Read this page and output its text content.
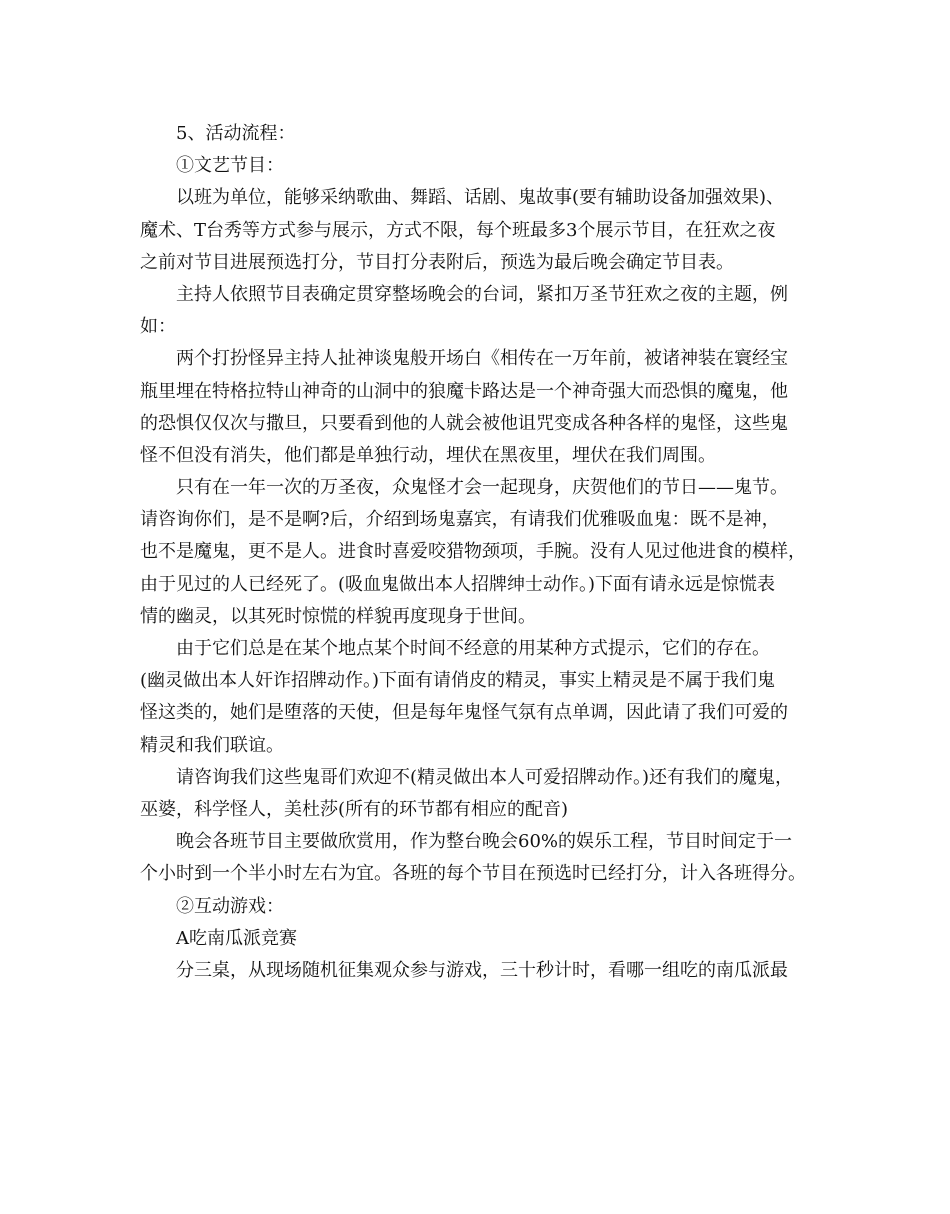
5、活动流程：
①文艺节目：
以班为单位，能够采纳歌曲、舞蹈、话剧、鬼故事(要有辅助设备加强效果)、
魔术、T台秀等方式参与展示，方式不限，每个班最多3个展示节目，在狂欢之夜
之前对节目进展预选打分，节目打分表附后，预选为最后晚会确定节目表。
主持人依照节目表确定贯穿整场晚会的台词，紧扣万圣节狂欢之夜的主题，例
如：
两个打扮怪异主持人扯神谈鬼般开场白《相传在一万年前，被诸神装在寰经宝
瓶里埋在特格拉特山神奇的山洞中的狼魔卡路达是一个神奇强大而恐惧的魔鬼，他
的恐惧仅仅次与撒旦，只要看到他的人就会被他诅咒变成各种各样的鬼怪，这些鬼
怪不但没有消失，他们都是单独行动，埋伏在黑夜里，埋伏在我们周围。
只有在一年一次的万圣夜，众鬼怪才会一起现身，庆贺他们的节日——鬼节。
请咨询你们，是不是啊?后，介绍到场鬼嘉宾，有请我们优雅吸血鬼：既不是神，
也不是魔鬼，更不是人。进食时喜爱咬猎物颈项，手腕。没有人见过他进食的模样，
由于见过的人已经死了。(吸血鬼做出本人招牌绅士动作。)下面有请永远是惊慌表
情的幽灵，以其死时惊慌的样貌再度现身于世间。
由于它们总是在某个地点某个时间不经意的用某种方式提示，它们的存在。
(幽灵做出本人奸诈招牌动作。)下面有请俏皮的精灵，事实上精灵是不属于我们鬼
怪这类的，她们是堕落的天使，但是每年鬼怪气氛有点单调，因此请了我们可爱的
精灵和我们联谊。
请咨询我们这些鬼哥们欢迎不(精灵做出本人可爱招牌动作。)还有我们的魔鬼，
巫婆，科学怪人，美杜莎(所有的环节都有相应的配音)
晚会各班节目主要做欣赏用，作为整台晚会60%的娱乐工程，节目时间定于一
个小时到一个半小时左右为宜。各班的每个节目在预选时已经打分，计入各班得分。
②互动游戏：
A吃南瓜派竞赛
分三桌，从现场随机征集观众参与游戏，三十秒计时，看哪一组吃的南瓜派最
